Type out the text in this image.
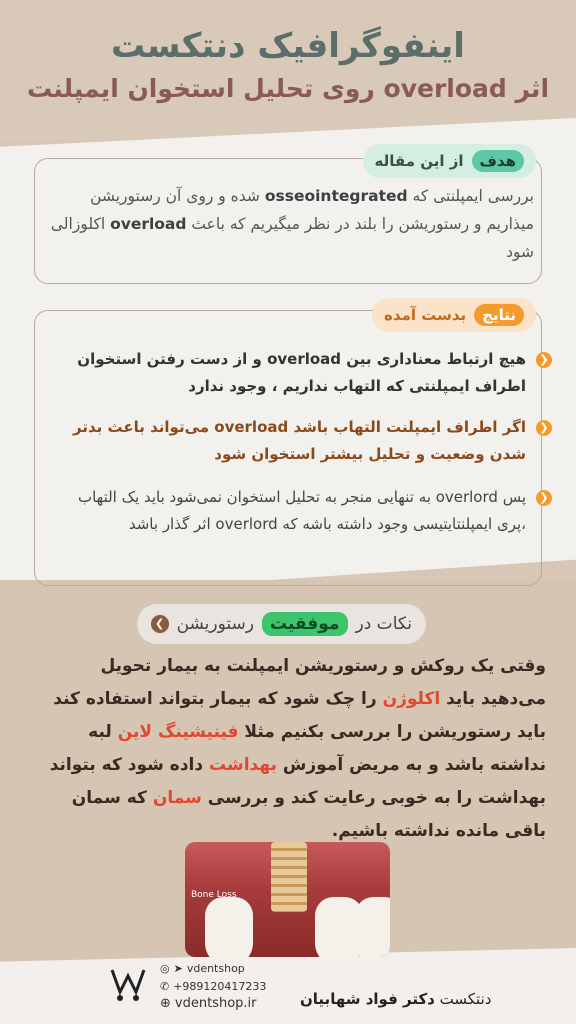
اینفوگرافیک دنتکست
اثر overload روی تحلیل استخوان ایمپلنت
هدف
از این مقاله
بررسی ایمپلنتی که osseointegrated شده و روی آن رستوریشن میذاریم و رستوریشن را بلند در نظر میگیریم که باعث overload اکلوزالی شود
نتایج
بدست آمده
❮
هیچ ارتباط معناداری بین overload و از دست رفتن استخوان اطراف ایمپلنتی که التهاب نداریم ، وجود ندارد
❮
اگر اطراف ایمپلنت التهاب باشد overload می‌تواند باعث بدتر شدن وضعیت و تحلیل بیشتر استخوان شود
❮
پس overlord به تنهایی منجر به تحلیل استخوان نمی‌شود باید یک التهاب ،پری ایمپلنتایتیسی وجود داشته باشه که overlord اثر گذار باشد
نکات در
موفقیت
رستوریشن
❯
وقتی یک روکش و رستوریشن ایمپلنت به بیمار تحویل می‌دهید باید اکلوژن را چک شود که بیمار بتواند استفاده کند باید رستوریشن را بررسی بکنیم مثلا فینیشینگ لاین لبه نداشته باشد و به مریض آموزش بهداشت داده شود که بتواند بهداشت را به خوبی رعایت کند و بررسی سمان که سمان باقی مانده نداشته باشیم.
Bone Loss
◎ ➤ vdentshop
✆ +989120417233
⊕ vdentshop.ir	دنتکست دکتر فواد شهابیان
